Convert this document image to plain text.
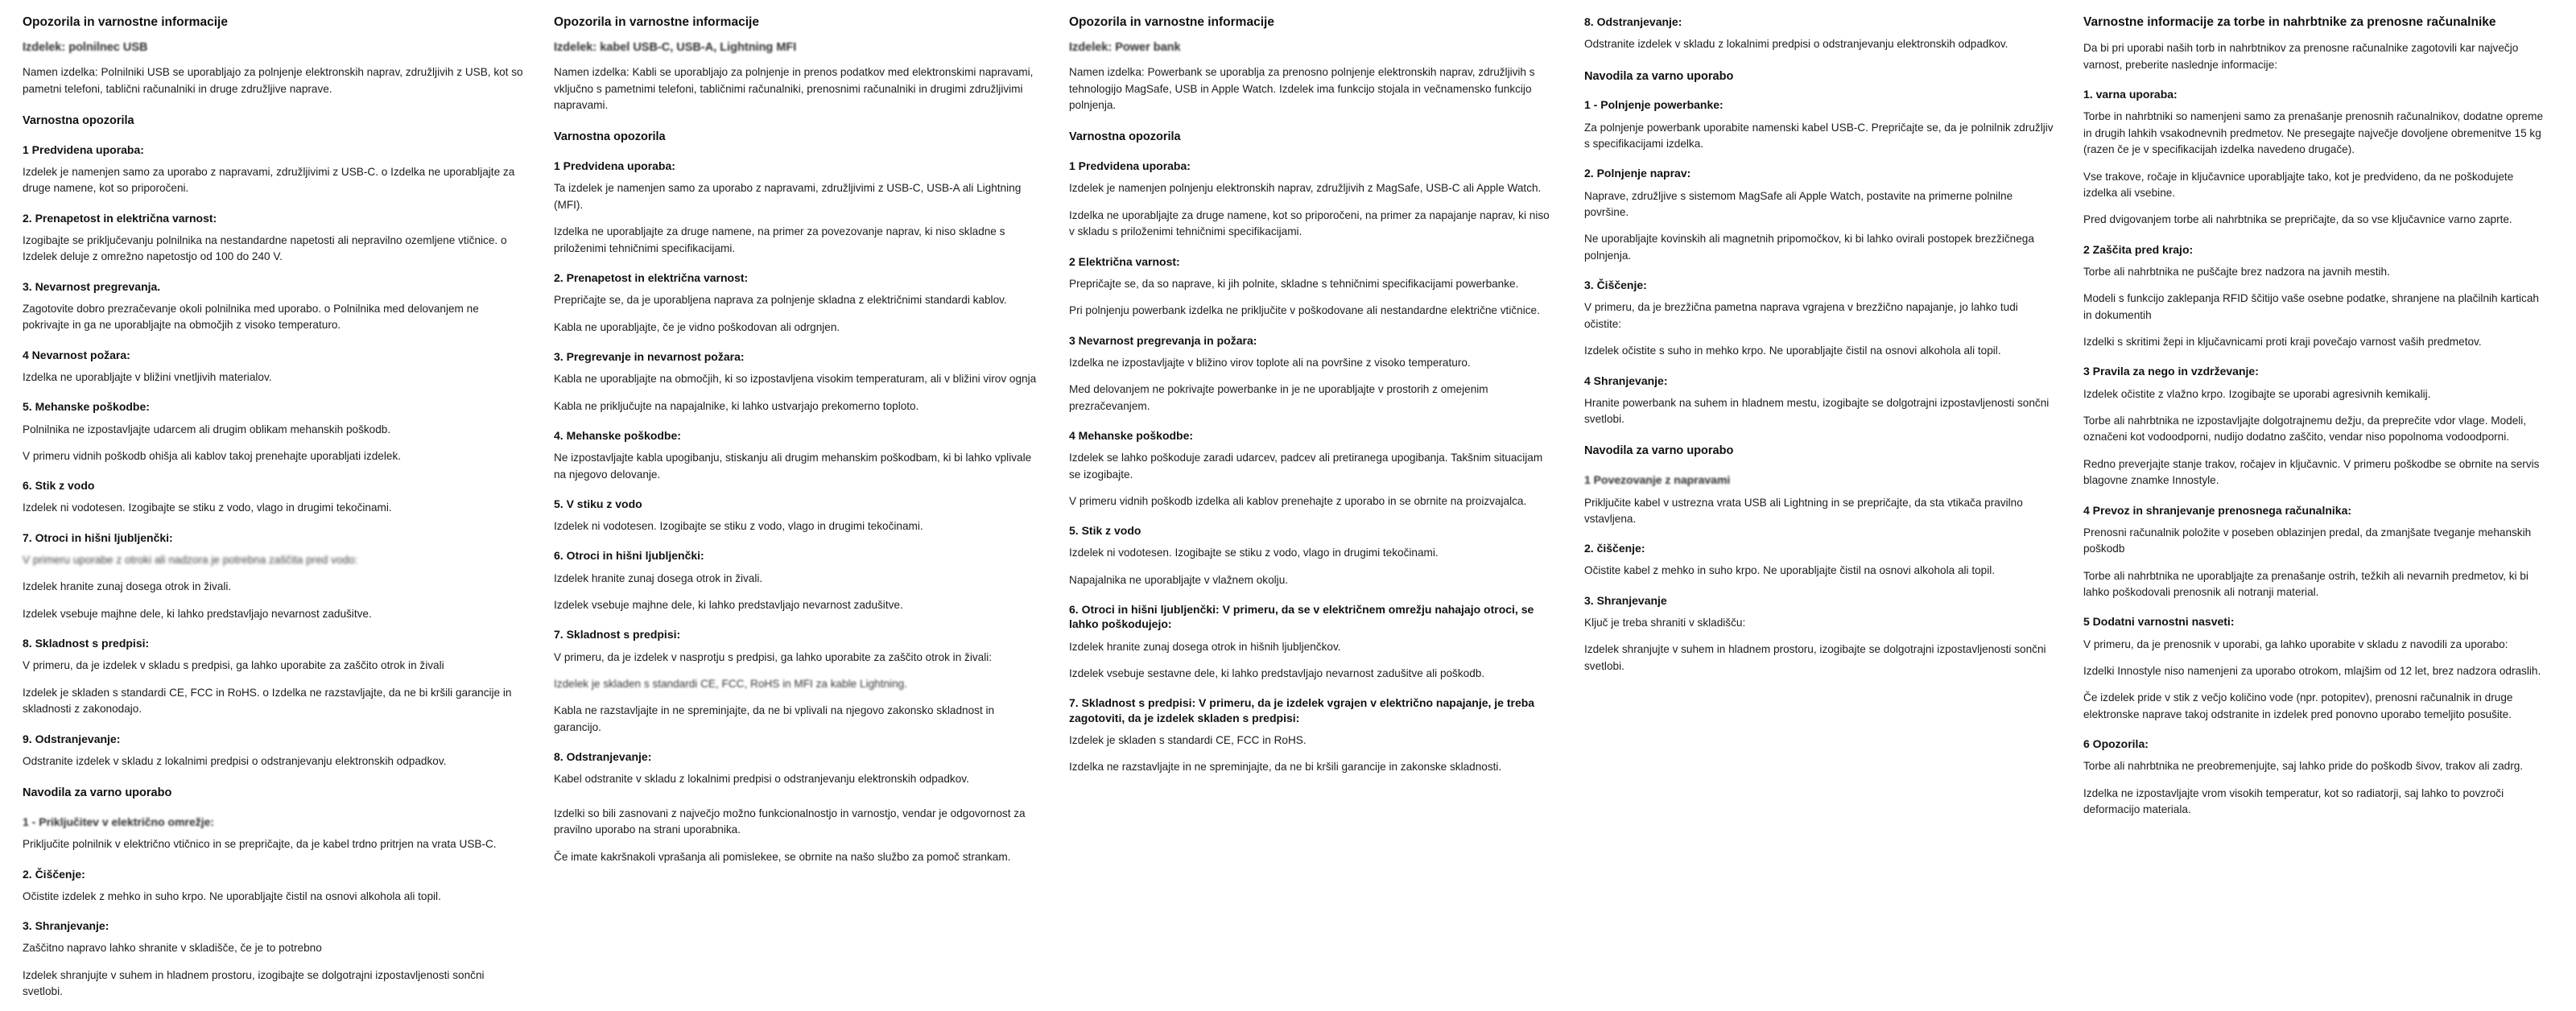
Opozorila in varnostne informacije
Izdelek: polnilnec USB

Namen izdelka: Polnilniki USB se uporabljajo za polnjenje elektronskih naprav, združljivih z USB, kot so pametni telefoni, tablični računalniki in druge združljive naprave.

Varnostna opozorila
1 Predvidena uporaba:

Izdelek je namenjen samo za uporabo z napravami, združljivimi z USB-C. o Izdelka ne uporabljajte za druge namene, kot so priporočeni.

2. Prenapetost in električna varnost:

Izogibajte se priključevanju polnilnika na nestandardne napetosti ali nepravilno ozemljene vtičnice. o Izdelek deluje z omrežno napetostjo od 100 do 240 V.

3. Nevarnost pregrevanja.

Zagotovite dobro prezračevanje okoli polnilnika med uporabo. o Polnilnika med delovanjem ne pokrivajte in ga ne uporabljajte na območjih z visoko temperaturo.

4 Nevarnost požara:

Izdelka ne uporabljajte v bližini vnetljivih materialov.

5. Mehanske poškodbe:

Polnilnika ne izpostavljajte udarcem ali drugim oblikam mehanskih poškodb.

V primeru vidnih poškodb ohišja ali kablov takoj prenehajte uporabljati izdelek.

6. Stik z vodo

Izdelek ni vodotesen. Izogibajte se stiku z vodo, vlago in drugimi tekočinami.

7. Otroci in hišni ljubljenčki:

V primeru uporabe z otroki ali nadzora je potrebna zaščita pred vodo:

Izdelek hranite zunaj dosega otrok in živali.

Izdelek vsebuje majhne dele, ki lahko predstavljajo nevarnost zadušitve.

8. Skladnost s predpisi:

V primeru, da je izdelek v skladu s predpisi, ga lahko uporabite za zaščito otrok in živali

Izdelek je skladen s standardi CE, FCC in RoHS. o Izdelka ne razstavljajte, da ne bi kršili garancije in skladnosti z zakonodajo.

9. Odstranjevanje:

Odstranite izdelek v skladu z lokalnimi predpisi o odstranjevanju elektronskih odpadkov.

Navodila za varno uporabo
1 - Priključitev v električno omrežje:

Priključite polnilnik v električno vtičnico in se prepričajte, da je kabel trdno pritrjen na vrata USB-C.

2. Čiščenje:

Očistite izdelek z mehko in suho krpo. Ne uporabljajte čistil na osnovi alkohola ali topil.

3. Shranjevanje:

Zaščitno napravo lahko shranite v skladišče, če je to potrebno

Izdelek shranjujte v suhem in hladnem prostoru, izogibajte se dolgotrajni izpostavljenosti sončni svetlobi.

Opozorila in varnostne informacije
Izdelek: kabel USB-C, USB-A, Lightning MFI

Namen izdelka: Kabli se uporabljajo za polnjenje in prenos podatkov med elektronskimi napravami, vključno s pametnimi telefoni, tabličnimi računalniki, prenosnimi računalniki in drugimi združljivimi napravami.

Varnostna opozorila
1 Predvidena uporaba:

Ta izdelek je namenjen samo za uporabo z napravami, združljivimi z USB-C, USB-A ali Lightning (MFI).

Izdelka ne uporabljajte za druge namene, na primer za povezovanje naprav, ki niso skladne s priloženimi tehničnimi specifikacijami.

2. Prenapetost in električna varnost:

Prepričajte se, da je uporabljena naprava za polnjenje skladna z električnimi standardi kablov.

Kabla ne uporabljajte, če je vidno poškodovan ali odrgnjen.

3. Pregrevanje in nevarnost požara:

Kabla ne uporabljajte na območjih, ki so izpostavljena visokim temperaturam, ali v bližini virov ognja

Kabla ne priključujte na napajalnike, ki lahko ustvarjajo prekomerno toploto.

4. Mehanske poškodbe:

Ne izpostavljajte kabla upogibanju, stiskanju ali drugim mehanskim poškodbam, ki bi lahko vplivale na njegovo delovanje.

5. V stiku z vodo

Izdelek ni vodotesen. Izogibajte se stiku z vodo, vlago in drugimi tekočinami.

6. Otroci in hišni ljubljenčki:

Izdelek hranite zunaj dosega otrok in živali.

Izdelek vsebuje majhne dele, ki lahko predstavljajo nevarnost zadušitve.

7. Skladnost s predpisi:

V primeru, da je izdelek v nasprotju s predpisi, ga lahko uporabite za zaščito otrok in živali:

Izdelek je skladen s standardi CE, FCC, RoHS in MFI za kable Lightning.

Kabla ne razstavljajte in ne spreminjajte, da ne bi vplivali na njegovo zakonsko skladnost in garancijo.

8. Odstranjevanje:

Kabel odstranite v skladu z lokalnimi predpisi o odstranjevanju elektronskih odpadkov.

Izdelki so bili zasnovani z največjo možno funkcionalnostjo in varnostjo, vendar je odgovornost za pravilno uporabo na strani uporabnika.

Če imate kakršnakoli vprašanja ali pomislekee, se obrnite na našo službo za pomoč strankam.

Opozorila in varnostne informacije
Izdelek: Power bank

Namen izdelka: Powerbank se uporablja za prenosno polnjenje elektronskih naprav, združljivih s tehnologijo MagSafe, USB in Apple Watch. Izdelek ima funkcijo stojala in večnamensko funkcijo polnjenja.

Varnostna opozorila
1 Predvidena uporaba:

Izdelek je namenjen polnjenju elektronskih naprav, združljivih z MagSafe, USB-C ali Apple Watch.

Izdelka ne uporabljajte za druge namene, kot so priporočeni, na primer za napajanje naprav, ki niso v skladu s priloženimi tehničnimi specifikacijami.

2 Električna varnost:

Prepričajte se, da so naprave, ki jih polnite, skladne s tehničnimi specifikacijami powerbanke.

Pri polnjenju powerbank izdelka ne priključite v poškodovane ali nestandardne električne vtičnice.

3 Nevarnost pregrevanja in požara:

Izdelka ne izpostavljajte v bližino virov toplote ali na površine z visoko temperaturo.

Med delovanjem ne pokrivajte powerbanke in je ne uporabljajte v prostorih z omejenim prezračevanjem.

4 Mehanske poškodbe:

Izdelek se lahko poškoduje zaradi udarcev, padcev ali pretiranega upogibanja. Takšnim situacijam se izogibajte.

V primeru vidnih poškodb izdelka ali kablov prenehajte z uporabo in se obrnite na proizvajalca.

5. Stik z vodo

Izdelek ni vodotesen. Izogibajte se stiku z vodo, vlago in drugimi tekočinami.

Napajalnika ne uporabljajte v vlažnem okolju.

6. Otroci in hišni ljubljenčki: V primeru, da se v električnem omrežju nahajajo otroci, se lahko poškodujejo:

Izdelek hranite zunaj dosega otrok in hišnih ljubljenčkov.

Izdelek vsebuje sestavne dele, ki lahko predstavljajo nevarnost zadušitve ali poškodb.

7. Skladnost s predpisi: V primeru, da je izdelek vgrajen v električno napajanje, je treba zagotoviti, da je izdelek skladen s predpisi:

Izdelek je skladen s standardi CE, FCC in RoHS.

Izdelka ne razstavljajte in ne spreminjajte, da ne bi kršili garancije in zakonske skladnosti.

8. Odstranjevanje:

Odstranite izdelek v skladu z lokalnimi predpisi o odstranjevanju elektronskih odpadkov.

Navodila za varno uporabo
1 - Polnjenje powerbanke:

Za polnjenje powerbank uporabite namenski kabel USB-C. Prepričajte se, da je polnilnik združljiv s specifikacijami izdelka.

2. Polnjenje naprav:

Naprave, združljive s sistemom MagSafe ali Apple Watch, postavite na primerne polnilne površine.

Ne uporabljajte kovinskih ali magnetnih pripomočkov, ki bi lahko ovirali postopek brezžičnega polnjenja.

3. Čiščenje:

V primeru, da je brezžična pametna naprava vgrajena v brezžično napajanje, jo lahko tudi očistite:

Izdelek očistite s suho in mehko krpo. Ne uporabljajte čistil na osnovi alkohola ali topil.

4 Shranjevanje:

Hranite powerbank na suhem in hladnem mestu, izogibajte se dolgotrajni izpostavljenosti sončni svetlobi.

Navodila za varno uporabo
1 Povezovanje z napravami

Priključite kabel v ustrezna vrata USB ali Lightning in se prepričajte, da sta vtikača pravilno vstavljena.

2. čiščenje:

Očistite kabel z mehko in suho krpo. Ne uporabljajte čistil na osnovi alkohola ali topil.

3. Shranjevanje

Ključ je treba shraniti v skladišču:

Izdelek shranjujte v suhem in hladnem prostoru, izogibajte se dolgotrajni izpostavljenosti sončni svetlobi.

Varnostne informacije za torbe in nahrbtnike za prenosne računalnike

Da bi pri uporabi naših torb in nahrbtnikov za prenosne računalnike zagotovili kar največjo varnost, preberite naslednje informacije:

1. varna uporaba:

Torbe in nahrbtniki so namenjeni samo za prenašanje prenosnih računalnikov, dodatne opreme in drugih lahkih vsakodnevnih predmetov. Ne presegajte največje dovoljene obremenitve 15 kg (razen če je v specifikacijah izdelka navedeno drugače).

Vse trakove, ročaje in ključavnice uporabljajte tako, kot je predvideno, da ne poškodujete izdelka ali vsebine.

Pred dvigovanjem torbe ali nahrbtnika se prepričajte, da so vse ključavnice varno zaprte.

2 Zaščita pred krajo:

Torbe ali nahrbtnika ne puščajte brez nadzora na javnih mestih.

Modeli s funkcijo zaklepanja RFID ščitijo vaše osebne podatke, shranjene na plačilnih karticah in dokumentih

Izdelki s skritimi žepi in ključavnicami proti kraji povečajo varnost vaših predmetov.

3 Pravila za nego in vzdrževanje:

Izdelek očistite z vlažno krpo. Izogibajte se uporabi agresivnih kemikalij.

Torbe ali nahrbtnika ne izpostavljajte dolgotrajnemu dežju, da preprečite vdor vlage. Modeli, označeni kot vodoodporni, nudijo dodatno zaščito, vendar niso popolnoma vodoodporni.

Redno preverjajte stanje trakov, ročajev in ključavnic. V primeru poškodbe se obrnite na servis blagovne znamke Innostyle.

4 Prevoz in shranjevanje prenosnega računalnika:

Prenosni računalnik položite v poseben oblazinjen predal, da zmanjšate tveganje mehanskih poškodb

Torbe ali nahrbtnika ne uporabljajte za prenašanje ostrih, težkih ali nevarnih predmetov, ki bi lahko poškodovali prenosnik ali notranji material.

5 Dodatni varnostni nasveti:

V primeru, da je prenosnik v uporabi, ga lahko uporabite v skladu z navodili za uporabo:

Izdelki Innostyle niso namenjeni za uporabo otrokom, mlajšim od 12 let, brez nadzora odraslih.

Če izdelek pride v stik z večjo količino vode (npr. potopitev), prenosni računalnik in druge elektronske naprave takoj odstranite in izdelek pred ponovno uporabo temeljito posušite.

6 Opozorila:

Torbe ali nahrbtnika ne preobremenjujte, saj lahko pride do poškodb šivov, trakov ali zadrg.

Izdelka ne izpostavljajte vrom visokih temperatur, kot so radiatorji, saj lahko to povzroči deformacijo materiala.
